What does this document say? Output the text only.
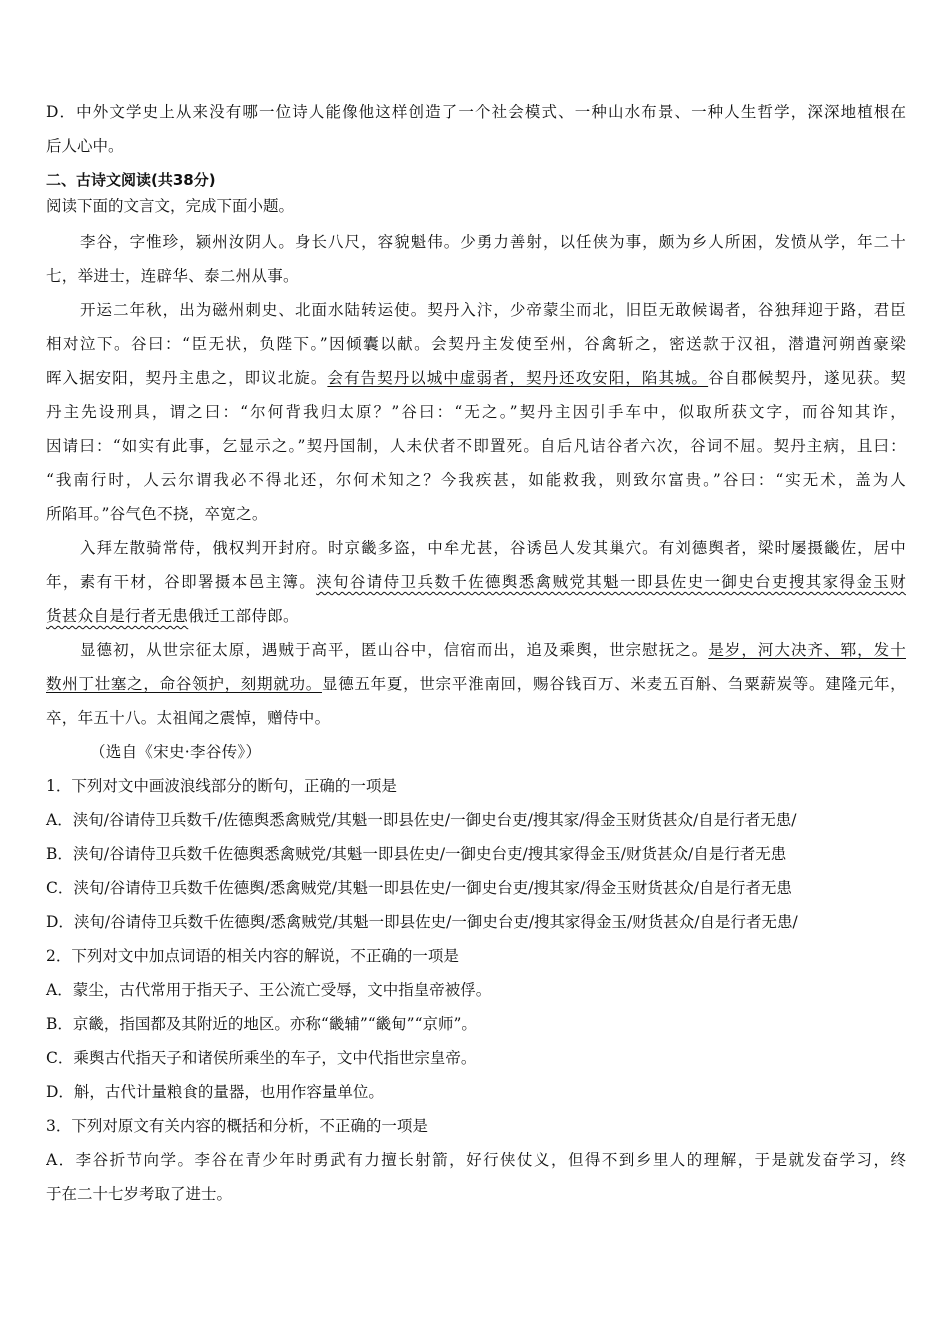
D．中外文学史上从来没有哪一位诗人能像他这样创造了一个社会模式、一种山水布景、一种人生哲学，深深地植根在
后人心中。
二、古诗文阅读(共38分)
阅读下面的文言文，完成下面小题。
李谷，字惟珍，颍州汝阴人。身长八尺，容貌魁伟。少勇力善射，以任侠为事，颇为乡人所困，发愤从学，年二十
七，举进士，连辟华、泰二州从事。
开运二年秋，出为磁州刺史、北面水陆转运使。契丹入汴，少帝蒙尘而北，旧臣无敢候谒者，谷独拜迎于路，君臣
相对泣下。谷曰：“臣无状，负陛下。”因倾囊以献。会契丹主发使至州，谷禽斩之，密送款于汉祖，潜遣河朔酋豪梁
晖入据安阳，契丹主患之，即议北旋。会有告契丹以城中虚弱者，契丹还攻安阳，陷其城。谷自郡候契丹，遂见获。契
丹主先设刑具，谓之曰：“尔何背我归太原？”谷曰：“无之。”契丹主因引手车中，似取所获文字，而谷知其诈，
因请曰：“如实有此事，乞显示之。”契丹国制，人未伏者不即置死。自后凡诘谷者六次，谷词不屈。契丹主病，且曰：
“我南行时，人云尔谓我必不得北还，尔何术知之？今我疾甚，如能救我，则致尔富贵。”谷曰：“实无术，盖为人
所陷耳。”谷气色不挠，卒宽之。
入拜左散骑常侍，俄权判开封府。时京畿多盗，中牟尤甚，谷诱邑人发其巢穴。有刘德舆者，梁时屡摄畿佐，居中
年，素有干材，谷即署摄本邑主簿。浃旬谷请侍卫兵数千佐德舆悉禽贼党其魁一即县佐史一御史台吏搜其家得金玉财
货甚众自是行者无患俄迁工部侍郎。
显德初，从世宗征太原，遇贼于高平，匿山谷中，信宿而出，追及乘舆，世宗慰抚之。是岁，河大决齐、郓，发十
数州丁壮塞之，命谷领护，刻期就功。显德五年夏，世宗平淮南回，赐谷钱百万、米麦五百斛、刍粟薪炭等。建隆元年，
卒，年五十八。太祖闻之震悼，赠侍中。
（选自《宋史·李谷传》）
1．下列对文中画波浪线部分的断句，正确的一项是
A．浃旬/谷请侍卫兵数千/佐德舆悉禽贼党/其魁一即县佐史/一御史台吏/搜其家/得金玉财货甚众/自是行者无患/
B．浃旬/谷请侍卫兵数千佐德舆悉禽贼党/其魁一即县佐史/一御史台吏/搜其家得金玉/财货甚众/自是行者无患
C．浃旬/谷请侍卫兵数千佐德舆/悉禽贼党/其魁一即县佐史/一御史台吏/搜其家/得金玉财货甚众/自是行者无患
D．浃旬/谷请侍卫兵数千佐德舆/悉禽贼党/其魁一即县佐史/一御史台吏/搜其家得金玉/财货甚众/自是行者无患/
2．下列对文中加点词语的相关内容的解说，不正确的一项是
A．蒙尘，古代常用于指天子、王公流亡受辱，文中指皇帝被俘。
B．京畿，指国都及其附近的地区。亦称“畿辅”“畿甸”“京师”。
C．乘舆古代指天子和诸侯所乘坐的车子，文中代指世宗皇帝。
D．斛，古代计量粮食的量器，也用作容量单位。
3．下列对原文有关内容的概括和分析，不正确的一项是
A．李谷折节向学。李谷在青少年时勇武有力擅长射箭，好行侠仗义，但得不到乡里人的理解，于是就发奋学习，终
于在二十七岁考取了进士。
